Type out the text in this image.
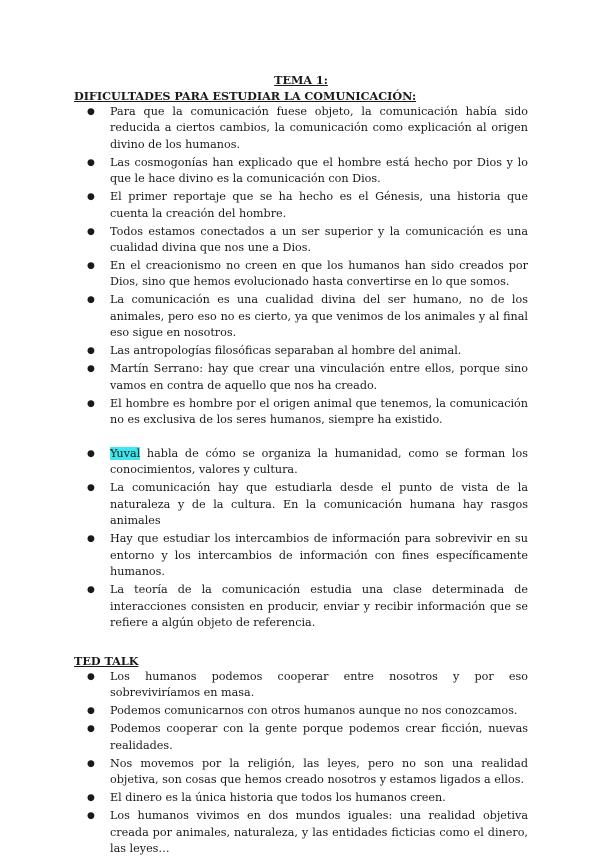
TEMA 1:

DIFICULTADES PARA ESTUDIAR LA COMUNICACIÓN:

● Para que la comunicación fuese objeto, la comunicación había sido reducida a ciertos cambios, la comunicación como explicación al origen divino de los humanos.
● Las cosmogonías han explicado que el hombre está hecho por Dios y lo que le hace divino es la comunicación con Dios.
● El primer reportaje que se ha hecho es el Génesis, una historia que cuenta la creación del hombre.
● Todos estamos conectados a un ser superior y la comunicación es una cualidad divina que nos une a Dios.
● En el creacionismo no creen en que los humanos han sido creados por Dios, sino que hemos evolucionado hasta convertirse en lo que somos.
● La comunicación es una cualidad divina del ser humano, no de los animales, pero eso no es cierto, ya que venimos de los animales y al final eso sigue en nosotros.
● Las antropologías filosóficas separaban al hombre del animal.
● Martín Serrano: hay que crear una vinculación entre ellos, porque sino vamos en contra de aquello que nos ha creado.
● El hombre es hombre por el origen animal que tenemos, la comunicación no es exclusiva de los seres humanos, siempre ha existido.
● Yuval habla de cómo se organiza la humanidad, como se forman los conocimientos, valores y cultura.
● La comunicación hay que estudiarla desde el punto de vista de la naturaleza y de la cultura. En la comunicación humana hay rasgos animales
● Hay que estudiar los intercambios de información para sobrevivir en su entorno y los intercambios de información con fines específicamente humanos.
● La teoría de la comunicación estudia una clase determinada de interacciones consisten en producir, enviar y recibir información que se refiere a algún objeto de referencia.

TED TALK

● Los humanos podemos cooperar entre nosotros y por eso sobreviviríamos en masa.
● Podemos comunicarnos con otros humanos aunque no nos conozcamos.
● Podemos cooperar con la gente porque podemos crear ficción, nuevas realidades.
● Nos movemos por la religión, las leyes, pero no son una realidad objetiva, son cosas que hemos creado nosotros y estamos ligados a ellos.
● El dinero es la única historia que todos los humanos creen.
● Los humanos vivimos en dos mundos iguales: una realidad objetiva creada por animales, naturaleza, y las entidades ficticias como el dinero, las leyes…
